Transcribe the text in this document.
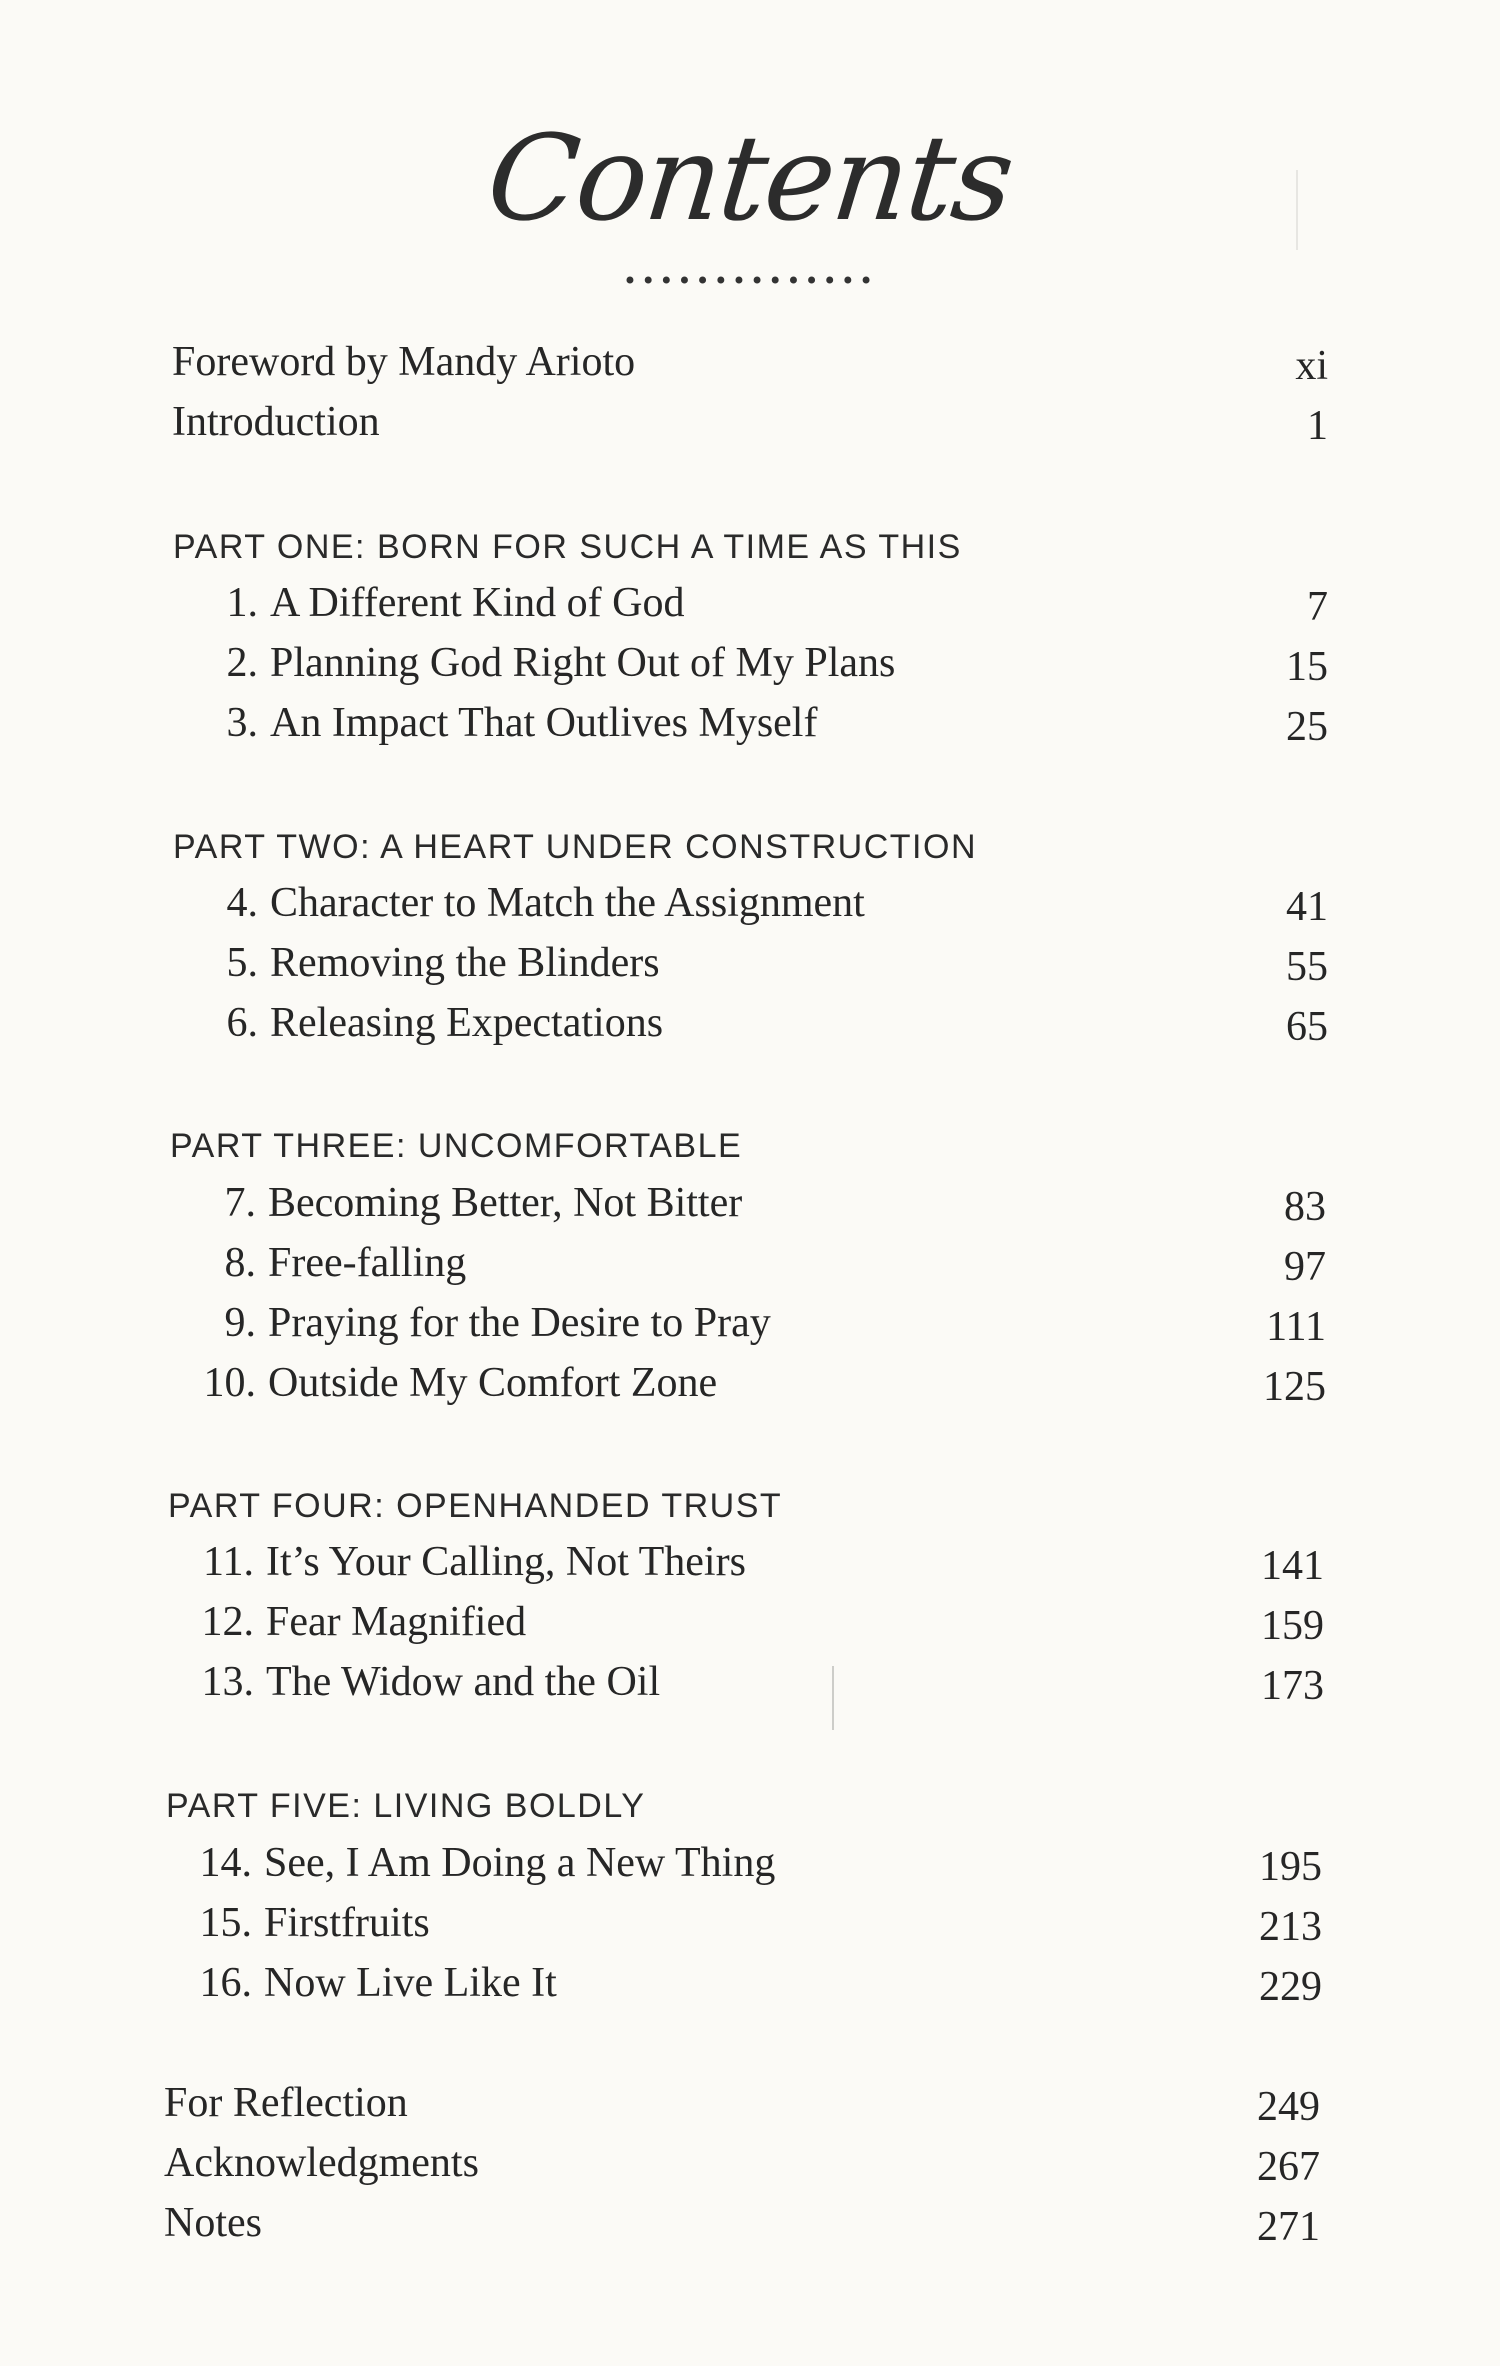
Contents
••••••••••••••
Foreword by Mandy Arioto	xi
Introduction	1
PART ONE: BORN FOR SUCH A TIME AS THIS
1. A Different Kind of God	7
2. Planning God Right Out of My Plans	15
3. An Impact That Outlives Myself	25
PART TWO: A HEART UNDER CONSTRUCTION
4. Character to Match the Assignment	41
5. Removing the Blinders	55
6. Releasing Expectations	65
PART THREE: UNCOMFORTABLE
7. Becoming Better, Not Bitter	83
8. Free-falling	97
9. Praying for the Desire to Pray	111
10. Outside My Comfort Zone	125
PART FOUR: OPENHANDED TRUST
11. It’s Your Calling, Not Theirs	141
12. Fear Magnified	159
13. The Widow and the Oil	173
PART FIVE: LIVING BOLDLY
14. See, I Am Doing a New Thing	195
15. Firstfruits	213
16. Now Live Like It	229
For Reflection	249
Acknowledgments	267
Notes	271
